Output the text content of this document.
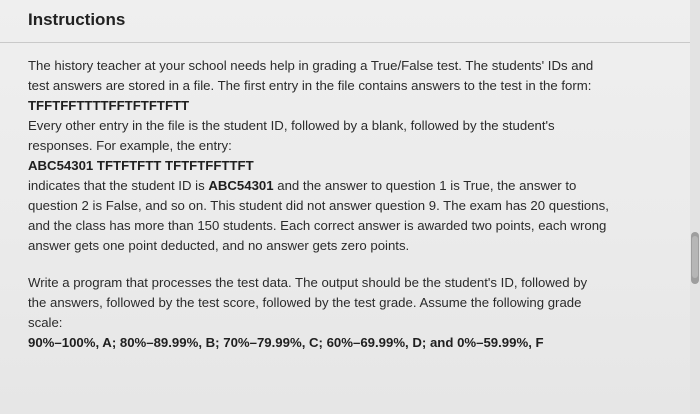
Instructions

The history teacher at your school needs help in grading a True/False test. The students' IDs and

test answers are stored in a file. The first entry in the file contains answers to the test in the form:

TFFTFFTTTTFFTFTFTFTT

Every other entry in the file is the student ID, followed by a blank, followed by the student's

responses. For example, the entry:

ABC54301 TFTFTFTT TFTFTFFTTFT

indicates that the student ID is ABC54301 and the answer to question 1 is True, the answer to

question 2 is False, and so on. This student did not answer question 9. The exam has 20 questions,

and the class has more than 150 students. Each correct answer is awarded two points, each wrong

answer gets one point deducted, and no answer gets zero points.

Write a program that processes the test data. The output should be the student's ID, followed by

the answers, followed by the test score, followed by the test grade. Assume the following grade

scale:

90%–100%, A; 80%–89.99%, B; 70%–79.99%, C; 60%–69.99%, D; and 0%–59.99%, F
